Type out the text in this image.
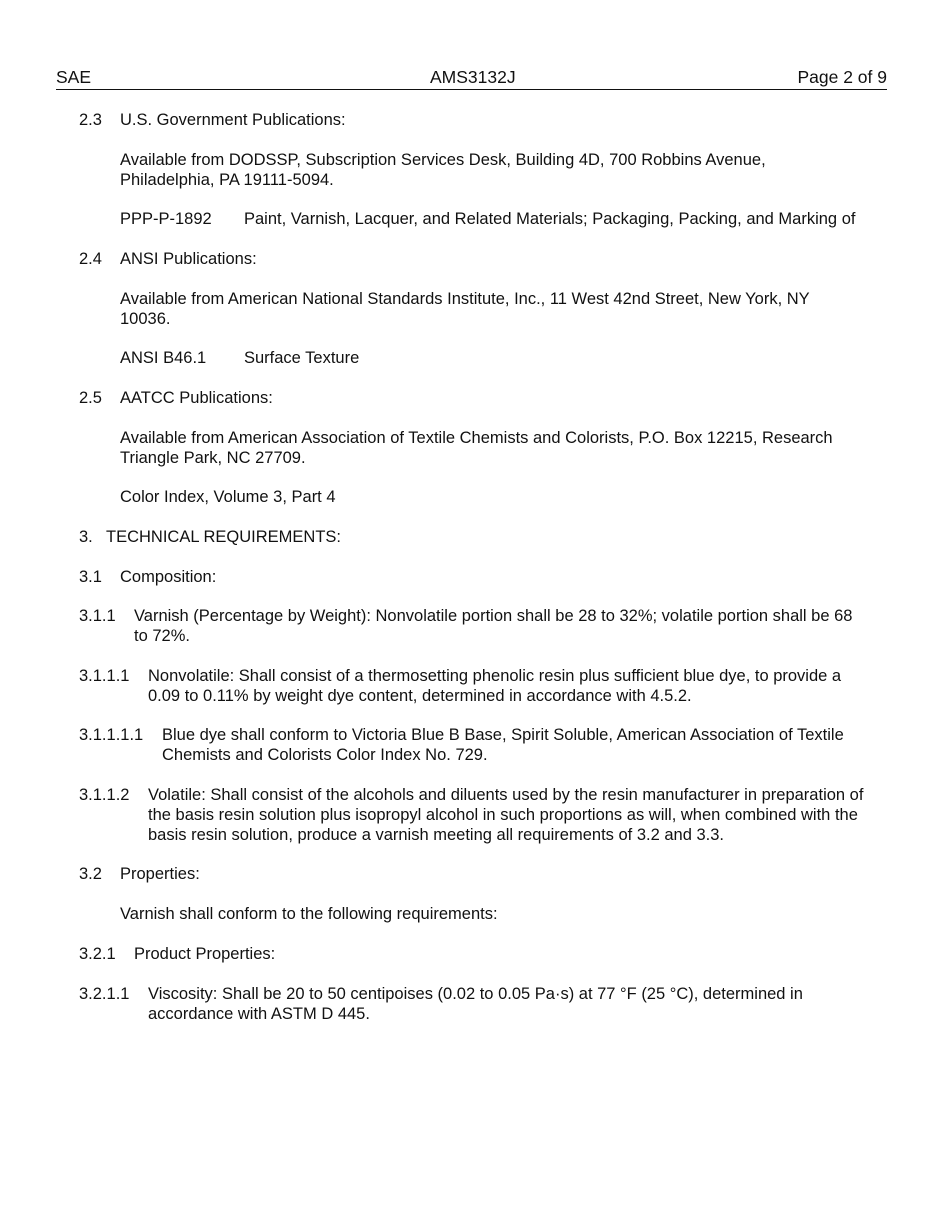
SAE	AMS3132J	Page 2 of 9
2.3 U.S. Government Publications:
Available from DODSSP, Subscription Services Desk, Building 4D, 700 Robbins Avenue, Philadelphia, PA 19111-5094.
PPP-P-1892 Paint, Varnish, Lacquer, and Related Materials; Packaging, Packing, and Marking of
2.4 ANSI Publications:
Available from American National Standards Institute, Inc., 11 West 42nd Street, New York, NY 10036.
ANSI B46.1 Surface Texture
2.5 AATCC Publications:
Available from American Association of Textile Chemists and Colorists, P.O. Box 12215, Research Triangle Park, NC 27709.
Color Index, Volume 3, Part 4
3. TECHNICAL REQUIREMENTS:
3.1 Composition:
3.1.1 Varnish (Percentage by Weight): Nonvolatile portion shall be 28 to 32%; volatile portion shall be 68 to 72%.
3.1.1.1 Nonvolatile: Shall consist of a thermosetting phenolic resin plus sufficient blue dye, to provide a 0.09 to 0.11% by weight dye content, determined in accordance with 4.5.2.
3.1.1.1.1 Blue dye shall conform to Victoria Blue B Base, Spirit Soluble, American Association of Textile Chemists and Colorists Color Index No. 729.
3.1.1.2 Volatile: Shall consist of the alcohols and diluents used by the resin manufacturer in preparation of the basis resin solution plus isopropyl alcohol in such proportions as will, when combined with the basis resin solution, produce a varnish meeting all requirements of 3.2 and 3.3.
3.2 Properties:
Varnish shall conform to the following requirements:
3.2.1 Product Properties:
3.2.1.1 Viscosity: Shall be 20 to 50 centipoises (0.02 to 0.05 Pa·s) at 77 °F (25 °C), determined in accordance with ASTM D 445.
